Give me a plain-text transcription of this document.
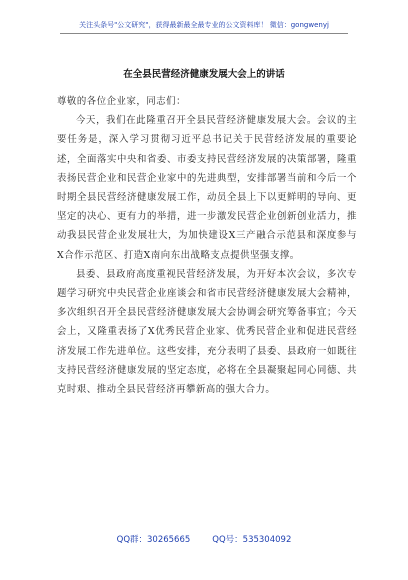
关注头条号"公文研究"，获得最新最全最专业的公文资料库！ 微信：gongwenyj
在全县民营经济健康发展大会上的讲话

尊敬的各位企业家，同志们：

今天，我们在此隆重召开全县民营经济健康发展大会。会议的主要任务是，深入学习贯彻习近平总书记关于民营经济发展的重要论述，全面落实中央和省委、市委支持民营经济发展的决策部署，隆重表扬民营企业和民营企业家中的先进典型，安排部署当前和今后一个时期全县民营经济健康发展工作，动员全县上下以更鲜明的导向、更坚定的决心、更有力的举措，进一步激发民营企业创新创业活力，推动我县民营企业发展壮大，为加快建设X三产融合示范县和深度参与X合作示范区、打造X南向东出战略支点提供坚强支撑。

县委、县政府高度重视民营经济发展，为开好本次会议，多次专题学习研究中央民营企业座谈会和省市民营经济健康发展大会精神，多次组织召开全县民营经济健康发展大会协调会研究筹备事宜；今天会上，又隆重表扬了X优秀民营企业家、优秀民营企业和促进民营经济发展工作先进单位。这些安排，充分表明了县委、县政府一如既往支持民营经济健康发展的坚定态度，必将在全县凝聚起同心同德、共克时艰、推动全县民营经济再攀新高的强大合力。

QQ群：30265665	QQ号：535304092
